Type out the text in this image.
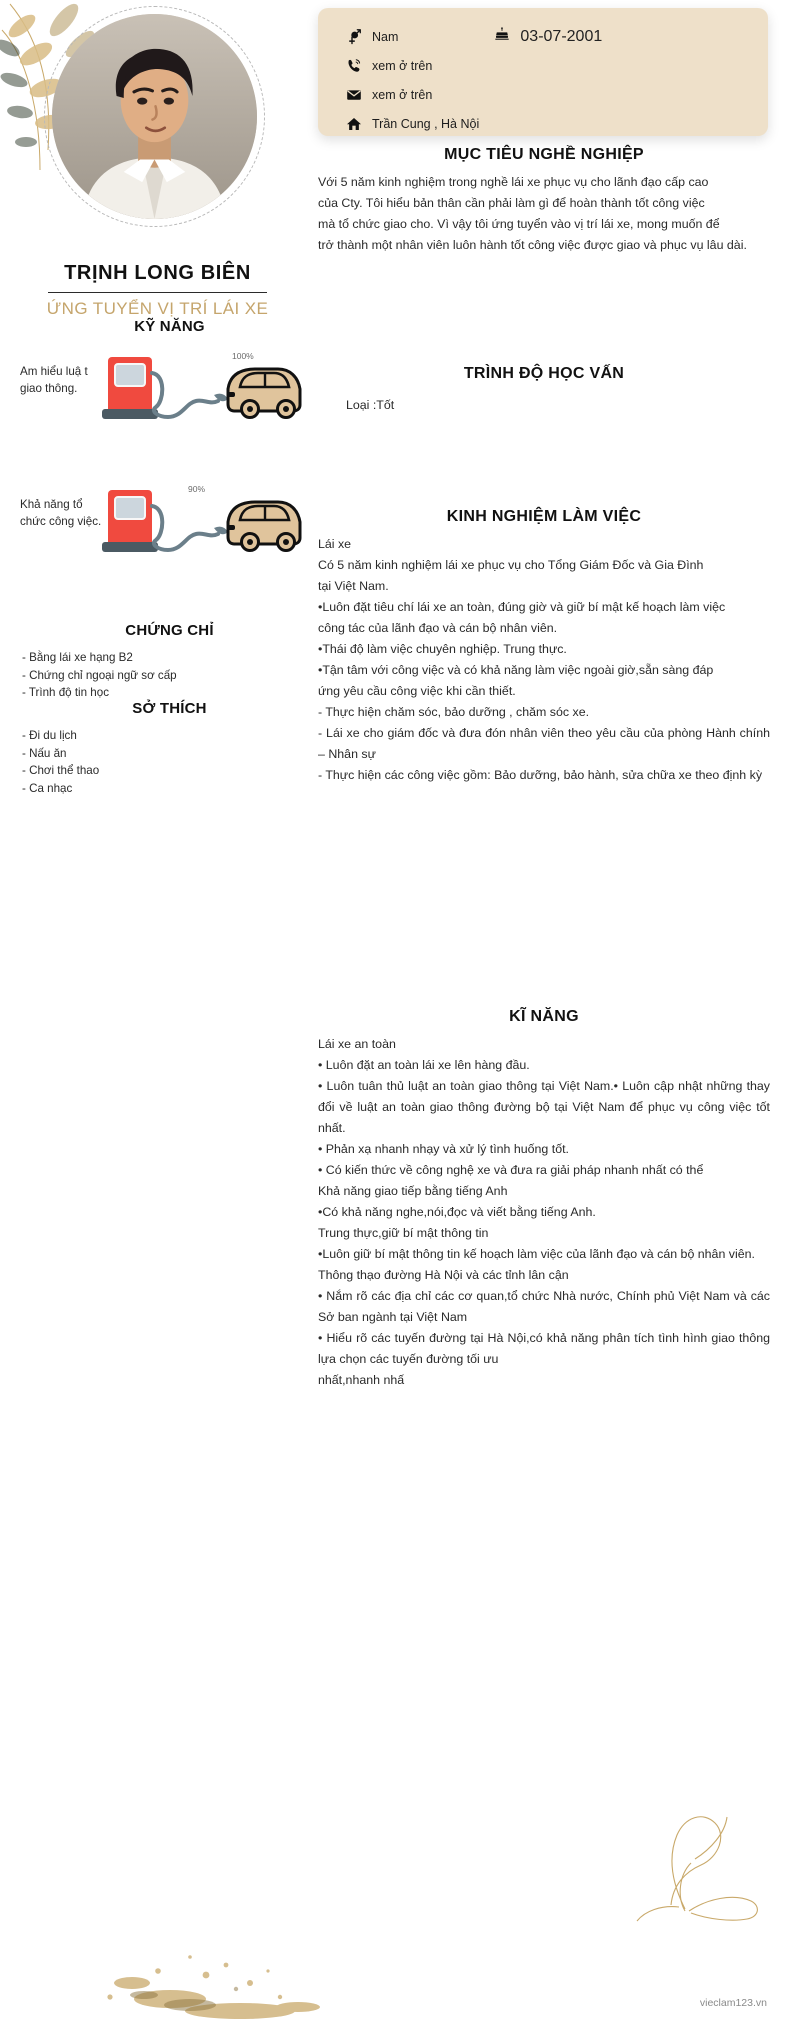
TRỊNH LONG BIÊN
ỨNG TUYỂN VỊ TRÍ LÁI XE
Nam	03-07-2001
xem ở trên
xem ở trên
Trần Cung , Hà Nội
MỤC TIÊU NGHỀ NGHIỆP
Với 5 năm kinh nghiệm trong nghề lái xe phục vụ cho lãnh đạo cấp cao
của Cty. Tôi hiểu bản thân cần phải làm gì để hoàn thành tốt công việc
mà tổ chức giao cho. Vì vậy tôi ứng tuyển vào vị trí lái xe, mong muốn để
trở thành một nhân viên luôn hành tốt công việc được giao và phục vụ lâu dài.
TRÌNH ĐỘ HỌC VẤN
Loại :Tốt
KINH NGHIỆM LÀM VIỆC
Lái xe
Có 5 năm kinh nghiệm lái xe phục vụ cho Tổng Giám Đốc và Gia Đình
tại Việt Nam.
•Luôn đặt tiêu chí lái xe an toàn, đúng giờ và giữ bí mật kế hoạch làm việc
công tác của lãnh đạo và cán bộ nhân viên.
•Thái độ làm việc chuyên nghiệp. Trung thực.
•Tận tâm với công việc và có khả năng làm việc ngoài giờ,sẵn sàng đáp
ứng yêu cầu công việc khi cần thiết.
- Thực hiện chăm sóc, bảo dưỡng , chăm sóc xe.
- Lái xe cho giám đốc và đưa đón nhân viên theo yêu cầu của phòng Hành chính – Nhân sự
- Thực hiện các công việc gồm: Bảo dưỡng, bảo hành, sửa chữa xe theo định kỳ
KĨ NĂNG
Lái xe an toàn
• Luôn đặt an toàn lái xe lên hàng đầu.
• Luôn tuân thủ luật an toàn giao thông tại Việt Nam.• Luôn cập nhật những thay đổi về luật an toàn giao thông đường bộ tại Việt Nam để phục vụ công việc tốt nhất.
• Phản xạ nhanh nhạy và xử lý tình huống tốt.
• Có kiến thức về công nghệ xe và đưa ra giải pháp nhanh nhất có thể
Khả năng giao tiếp bằng tiếng Anh
•Có khả năng nghe,nói,đọc và viết bằng tiếng Anh.
Trung thực,giữ bí mật thông tin
•Luôn giữ bí mật thông tin kế hoạch làm việc của lãnh đạo và cán bộ nhân viên.
Thông thạo đường Hà Nội và các tỉnh lân cận
• Nắm rõ các địa chỉ các cơ quan,tổ chức Nhà nước, Chính phủ Việt Nam và các Sở ban ngành tại Việt Nam
• Hiểu rõ các tuyến đường tại Hà Nội,có khả năng phân tích tình hình giao thông lựa chọn các tuyến đường tối ưu
nhất,nhanh nhấ
KỸ NĂNG
Am hiểu luậ t giao thông.
100%
Khả năng tổ chức công việc.
90%
CHỨNG CHỈ
- Bằng lái xe hạng B2
- Chứng chỉ ngoại ngữ sơ cấp
- Trình độ tin học
SỞ THÍCH
- Đi du lịch
- Nấu ăn
- Chơi thể thao
- Ca nhạc
vieclam123.vn
